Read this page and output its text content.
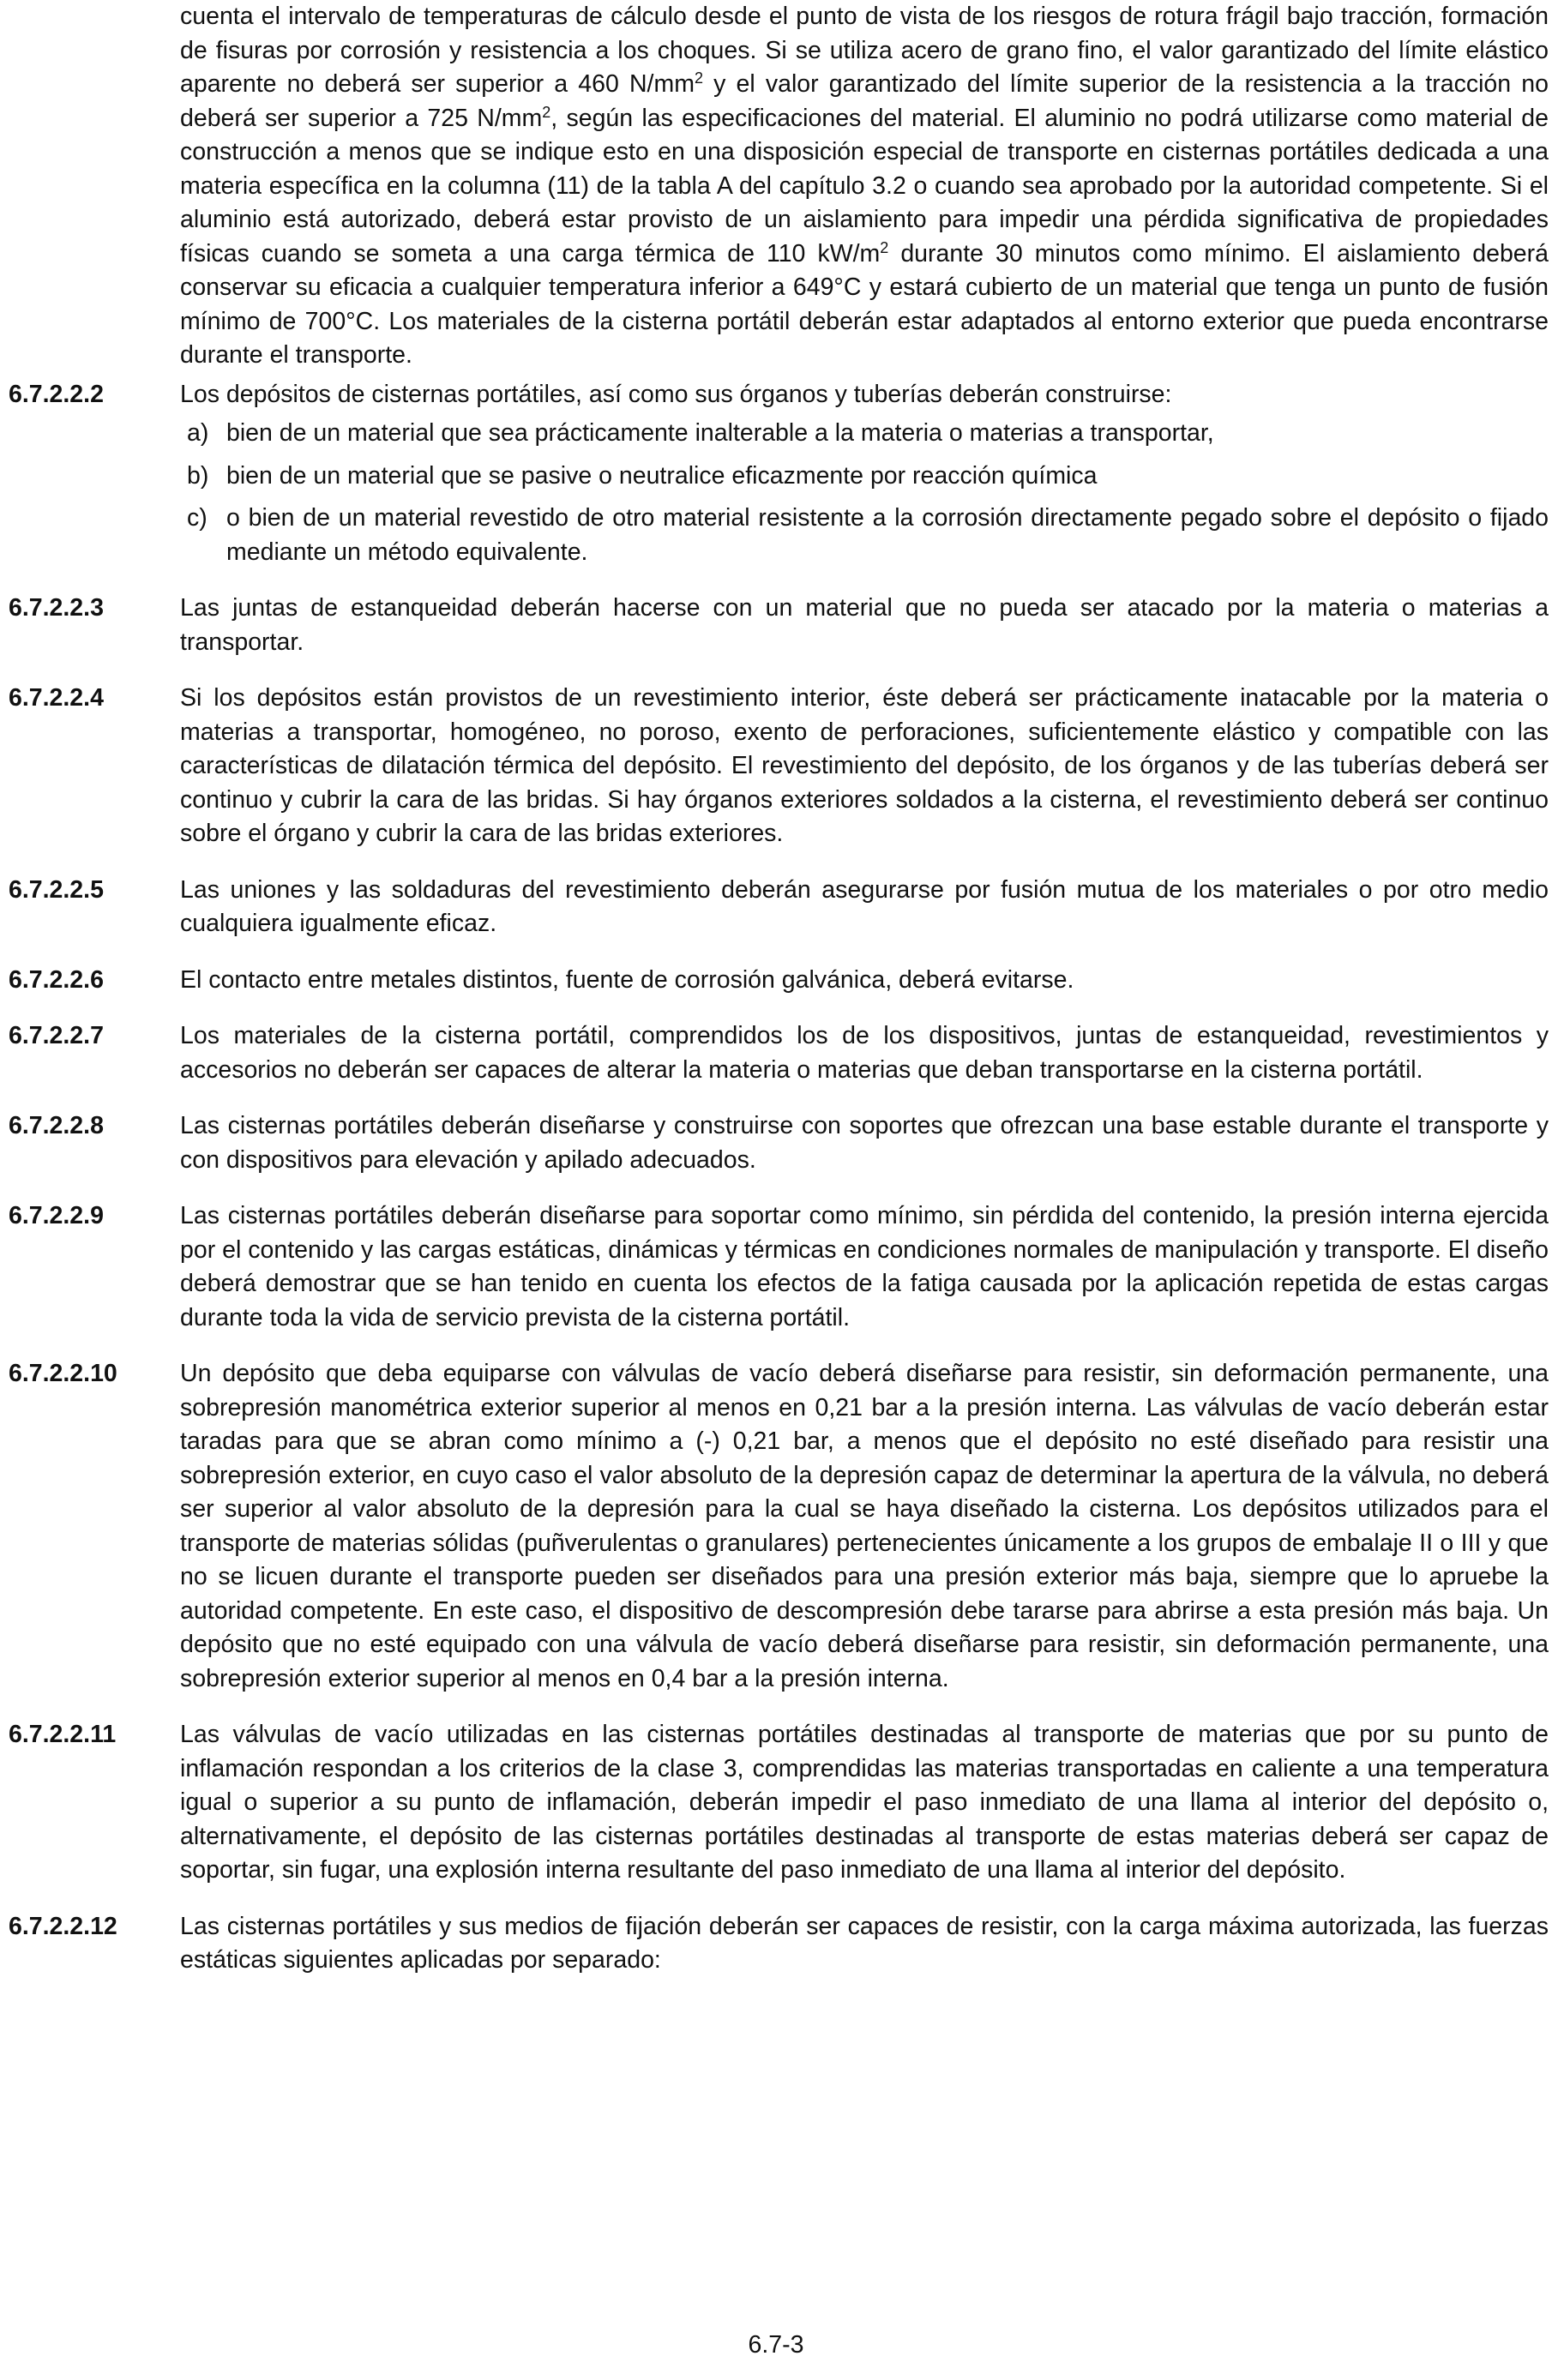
cuenta el intervalo de temperaturas de cálculo desde el punto de vista de los riesgos de rotura frágil bajo tracción, formación de fisuras por corrosión y resistencia a los choques. Si se utiliza acero de grano fino, el valor garantizado del límite elástico aparente no deberá ser superior a 460 $N/mm^2$ y el valor garantizado del límite superior de la resistencia a la tracción no deberá ser superior a 725 $N/mm^2$, según las especificaciones del material. El aluminio no podrá utilizarse como material de construcción a menos que se indique esto en una disposición especial de transporte en cisternas portátiles dedicada a una materia específica en la columna (11) de la tabla A del capítulo 3.2 o cuando sea aprobado por la autoridad competente. Si el aluminio está autorizado, deberá estar provisto de un aislamiento para impedir una pérdida significativa de propiedades físicas cuando se someta a una carga térmica de 110 $kW/m^2$ durante 30 minutos como mínimo. El aislamiento deberá conservar su eficacia a cualquier temperatura inferior a 649°C y estará cubierto de un material que tenga un punto de fusión mínimo de 700°C. Los materiales de la cisterna portátil deberán estar adaptados al entorno exterior que pueda encontrarse durante el transporte.
6.7.2.2.2	Los depósitos de cisternas portátiles, así como sus órganos y tuberías deberán construirse:
a) bien de un material que sea prácticamente inalterable a la materia o materias a transportar,
b) bien de un material que se pasive o neutralice eficazmente por reacción química
c) o bien de un material revestido de otro material resistente a la corrosión directamente pegado sobre el depósito o fijado mediante un método equivalente.
6.7.2.2.3	Las juntas de estanqueidad deberán hacerse con un material que no pueda ser atacado por la materia o materias a transportar.
6.7.2.2.4	Si los depósitos están provistos de un revestimiento interior, éste deberá ser prácticamente inatacable por la materia o materias a transportar, homogéneo, no poroso, exento de perforaciones, suficientemente elástico y compatible con las características de dilatación térmica del depósito. El revestimiento del depósito, de los órganos y de las tuberías deberá ser continuo y cubrir la cara de las bridas. Si hay órganos exteriores soldados a la cisterna, el revestimiento deberá ser continuo sobre el órgano y cubrir la cara de las bridas exteriores.
6.7.2.2.5	Las uniones y las soldaduras del revestimiento deberán asegurarse por fusión mutua de los materiales o por otro medio cualquiera igualmente eficaz.
6.7.2.2.6	El contacto entre metales distintos, fuente de corrosión galvánica, deberá evitarse.
6.7.2.2.7	Los materiales de la cisterna portátil, comprendidos los de los dispositivos, juntas de estanqueidad, revestimientos y accesorios no deberán ser capaces de alterar la materia o materias que deban transportarse en la cisterna portátil.
6.7.2.2.8	Las cisternas portátiles deberán diseñarse y construirse con soportes que ofrezcan una base estable durante el transporte y con dispositivos para elevación y apilado adecuados.
6.7.2.2.9	Las cisternas portátiles deberán diseñarse para soportar como mínimo, sin pérdida del contenido, la presión interna ejercida por el contenido y las cargas estáticas, dinámicas y térmicas en condiciones normales de manipulación y transporte. El diseño deberá demostrar que se han tenido en cuenta los efectos de la fatiga causada por la aplicación repetida de estas cargas durante toda la vida de servicio prevista de la cisterna portátil.
6.7.2.2.10	Un depósito que deba equiparse con válvulas de vacío deberá diseñarse para resistir, sin deformación permanente, una sobrepresión manométrica exterior superior al menos en 0,21 bar a la presión interna. Las válvulas de vacío deberán estar taradas para que se abran como mínimo a (-) 0,21 bar, a menos que el depósito no esté diseñado para resistir una sobrepresión exterior, en cuyo caso el valor absoluto de la depresión capaz de determinar la apertura de la válvula, no deberá ser superior al valor absoluto de la depresión para la cual se haya diseñado la cisterna. Los depósitos utilizados para el transporte de materias sólidas (puñverulentas o granulares) pertenecientes únicamente a los grupos de embalaje II o III y que no se licuen durante el transporte pueden ser diseñados para una presión exterior más baja, siempre que lo apruebe la autoridad competente. En este caso, el dispositivo de descompresión debe tararse para abrirse a esta presión más baja. Un depósito que no esté equipado con una válvula de vacío deberá diseñarse para resistir, sin deformación permanente, una sobrepresión exterior superior al menos en 0,4 bar a la presión interna.
6.7.2.2.11	Las válvulas de vacío utilizadas en las cisternas portátiles destinadas al transporte de materias que por su punto de inflamación respondan a los criterios de la clase 3, comprendidas las materias transportadas en caliente a una temperatura igual o superior a su punto de inflamación, deberán impedir el paso inmediato de una llama al interior del depósito o, alternativamente, el depósito de las cisternas portátiles destinadas al transporte de estas materias deberá ser capaz de soportar, sin fugar, una explosión interna resultante del paso inmediato de una llama al interior del depósito.
6.7.2.2.12	Las cisternas portátiles y sus medios de fijación deberán ser capaces de resistir, con la carga máxima autorizada, las fuerzas estáticas siguientes aplicadas por separado:
6.7-3
